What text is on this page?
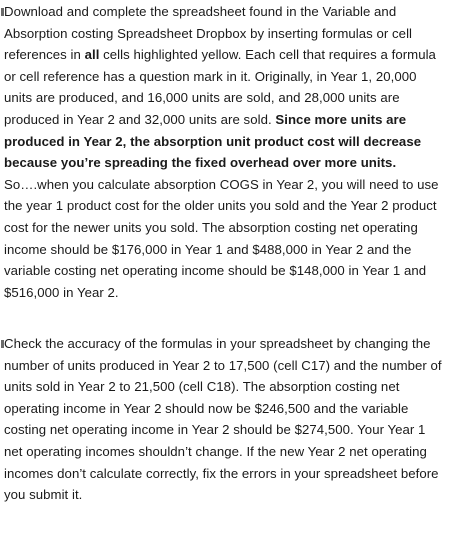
Download and complete the spreadsheet found in the Variable and Absorption costing Spreadsheet Dropbox by inserting formulas or cell references in all cells highlighted yellow. Each cell that requires a formula or cell reference has a question mark in it. Originally, in Year 1, 20,000 units are produced, and 16,000 units are sold, and 28,000 units are produced in Year 2 and 32,000 units are sold. Since more units are produced in Year 2, the absorption unit product cost will decrease because you’re spreading the fixed overhead over more units. So….when you calculate absorption COGS in Year 2, you will need to use the year 1 product cost for the older units you sold and the Year 2 product cost for the newer units you sold. The absorption costing net operating income should be $176,000 in Year 1 and $488,000 in Year 2 and the variable costing net operating income should be $148,000 in Year 1 and $516,000 in Year 2.
Check the accuracy of the formulas in your spreadsheet by changing the number of units produced in Year 2 to 17,500 (cell C17) and the number of units sold in Year 2 to 21,500 (cell C18). The absorption costing net operating income in Year 2 should now be $246,500 and the variable costing net operating income in Year 2 should be $274,500. Your Year 1 net operating incomes shouldn’t change. If the new Year 2 net operating incomes don’t calculate correctly, fix the errors in your spreadsheet before you submit it.
